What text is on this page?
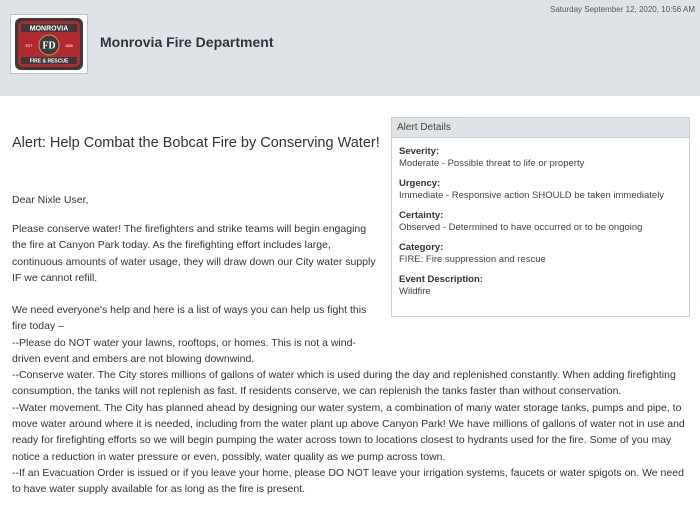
Saturday September 12, 2020, 10:56 AM
MONROVIA
FD
EST	1886
FIRE & RESCUE
Monrovia Fire Department
Alert: Help Combat the Bobcat Fire by Conserving Water!
Dear Nixle User,
Please conserve water! The firefighters and strike teams will begin engaging the fire at Canyon Park today. As the firefighting effort includes large, continuous amounts of water usage, they will draw down our City water supply IF we cannot refill.
We need everyone's help and here is a list of ways you can help us fight this fire today –
--Please do NOT water your lawns, rooftops, or homes. This is not a wind-driven event and embers are not blowing downwind.
--Conserve water. The City stores millions of gallons of water which is used during the day and replenished constantly. When adding firefighting consumption, the tanks will not replenish as fast. If residents conserve, we can replenish the tanks faster than without conservation.
--Water movement. The City has planned ahead by designing our water system, a combination of many water storage tanks, pumps and pipe, to move water around where it is needed, including from the water plant up above Canyon Park! We have millions of gallons of water not in use and ready for firefighting efforts so we will begin pumping the water across town to locations closest to hydrants used for the fire. Some of you may notice a reduction in water pressure or even, possibly, water quality as we pump across town.
--If an Evacuation Order is issued or if you leave your home, please DO NOT leave your irrigation systems, faucets or water spigots on. We need to have water supply available for as long as the fire is present.
Alert Details
Severity:
Moderate - Possible threat to life or property
Urgency:
Immediate - Responsive action SHOULD be taken immediately
Certainty:
Observed - Determined to have occurred or to be ongoing
Category:
FIRE: Fire suppression and rescue
Event Description:
Wildfire
